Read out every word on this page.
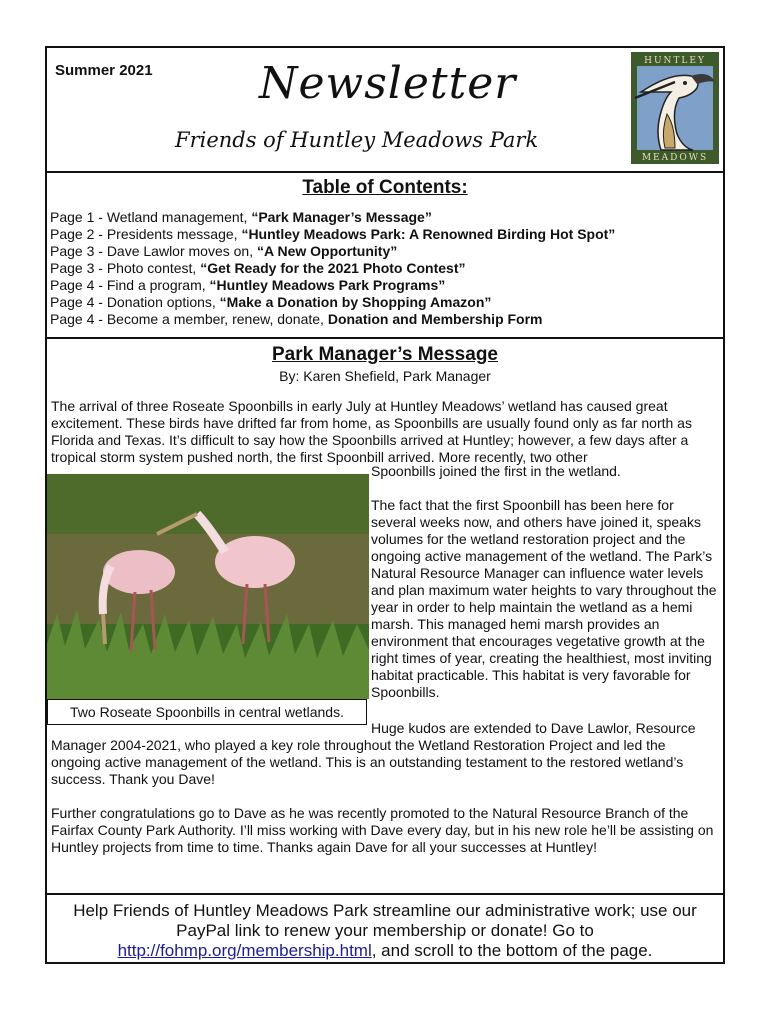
Summer 2021 Newsletter
Friends of Huntley Meadows Park
HUNTLEY
MEADOWS
Table of Contents:
Page 1 - Wetland management, “Park Manager’s Message”
Page 2 - Presidents message, “Huntley Meadows Park: A Renowned Birding Hot Spot”
Page 3 - Dave Lawlor moves on, “A New Opportunity”
Page 3 - Photo contest, “Get Ready for the 2021 Photo Contest”
Page 4 - Find a program, “Huntley Meadows Park Programs”
Page 4 - Donation options, “Make a Donation by Shopping Amazon”
Page 4 - Become a member, renew, donate, Donation and Membership Form
Park Manager’s Message
By: Karen Shefield, Park Manager

The arrival of three Roseate Spoonbills in early July at Huntley Meadows’ wetland has caused great excitement. These birds have drifted far from home, as Spoonbills are usually found only as far north as Florida and Texas. It’s difficult to say how the Spoonbills arrived at Huntley; however, a few days after a tropical storm system pushed north, the first Spoonbill arrived. More recently, two other

Two Roseate Spoonbills in central wetlands.

Spoonbills joined the first in the wetland.

The fact that the first Spoonbill has been here for several weeks now, and others have joined it, speaks volumes for the wetland restoration project and the ongoing active management of the wetland. The Park’s Natural Resource Manager can influence water levels and plan maximum water heights to vary throughout the year in order to help maintain the wetland as a hemi marsh. This managed hemi marsh provides an environment that encourages vegetative growth at the right times of year, creating the healthiest, most inviting habitat practicable. This habitat is very favorable for Spoonbills.

Huge kudos are extended to Dave Lawlor, Resource

Manager 2004-2021, who played a key role throughout the Wetland Restoration Project and led the ongoing active management of the wetland. This is an outstanding testament to the restored wetland’s success. Thank you Dave!

Further congratulations go to Dave as he was recently promoted to the Natural Resource Branch of the Fairfax County Park Authority. I’ll miss working with Dave every day, but in his new role he’ll be assisting on Huntley projects from time to time. Thanks again Dave for all your successes at Huntley!

Help Friends of Huntley Meadows Park streamline our administrative work; use our PayPal link to renew your membership or donate! Go to http://fohmp.org/membership.html, and scroll to the bottom of the page.
